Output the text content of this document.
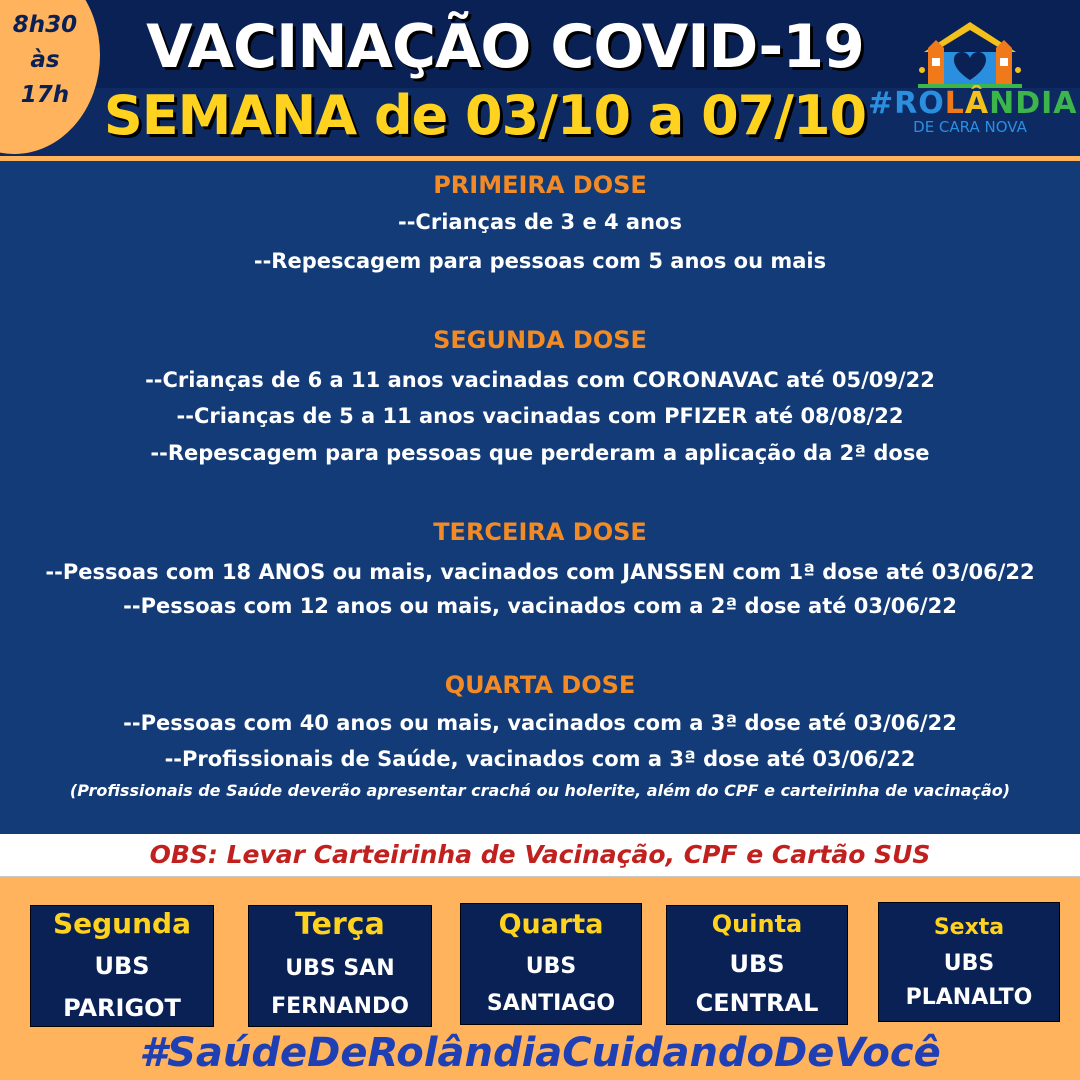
8h30
às
17h
VACINAÇÃO COVID-19
SEMANA de 03/10 a 07/10 #ROLÂNDIA
DE CARA NOVA
PRIMEIRA DOSE
--Crianças de 3 e 4 anos
--Repescagem para pessoas com 5 anos ou mais
SEGUNDA DOSE
--Crianças de 6 a 11 anos vacinadas com CORONAVAC até 05/09/22
--Crianças de 5 a 11 anos vacinadas com PFIZER até 08/08/22
--Repescagem para pessoas que perderam a aplicação da 2ª dose
TERCEIRA DOSE
--Pessoas com 18 ANOS ou mais, vacinados com JANSSEN com 1ª dose até 03/06/22
--Pessoas com 12 anos ou mais, vacinados com a 2ª dose até 03/06/22
QUARTA DOSE
--Pessoas com 40 anos ou mais, vacinados com a 3ª dose até 03/06/22
--Profissionais de Saúde, vacinados com a 3ª dose até 03/06/22
(Profissionais de Saúde deverão apresentar crachá ou holerite, além do CPF e carteirinha de vacinação)
OBS: Levar Carteirinha de Vacinação, CPF e Cartão SUS
Segunda
UBS
PARIGOT
Terça
UBS SAN
FERNANDO
Quarta
UBS
SANTIAGO
Quinta
UBS
CENTRAL
Sexta
UBS
PLANALTO
#SaúdeDeRolândiaCuidandoDeVocê
